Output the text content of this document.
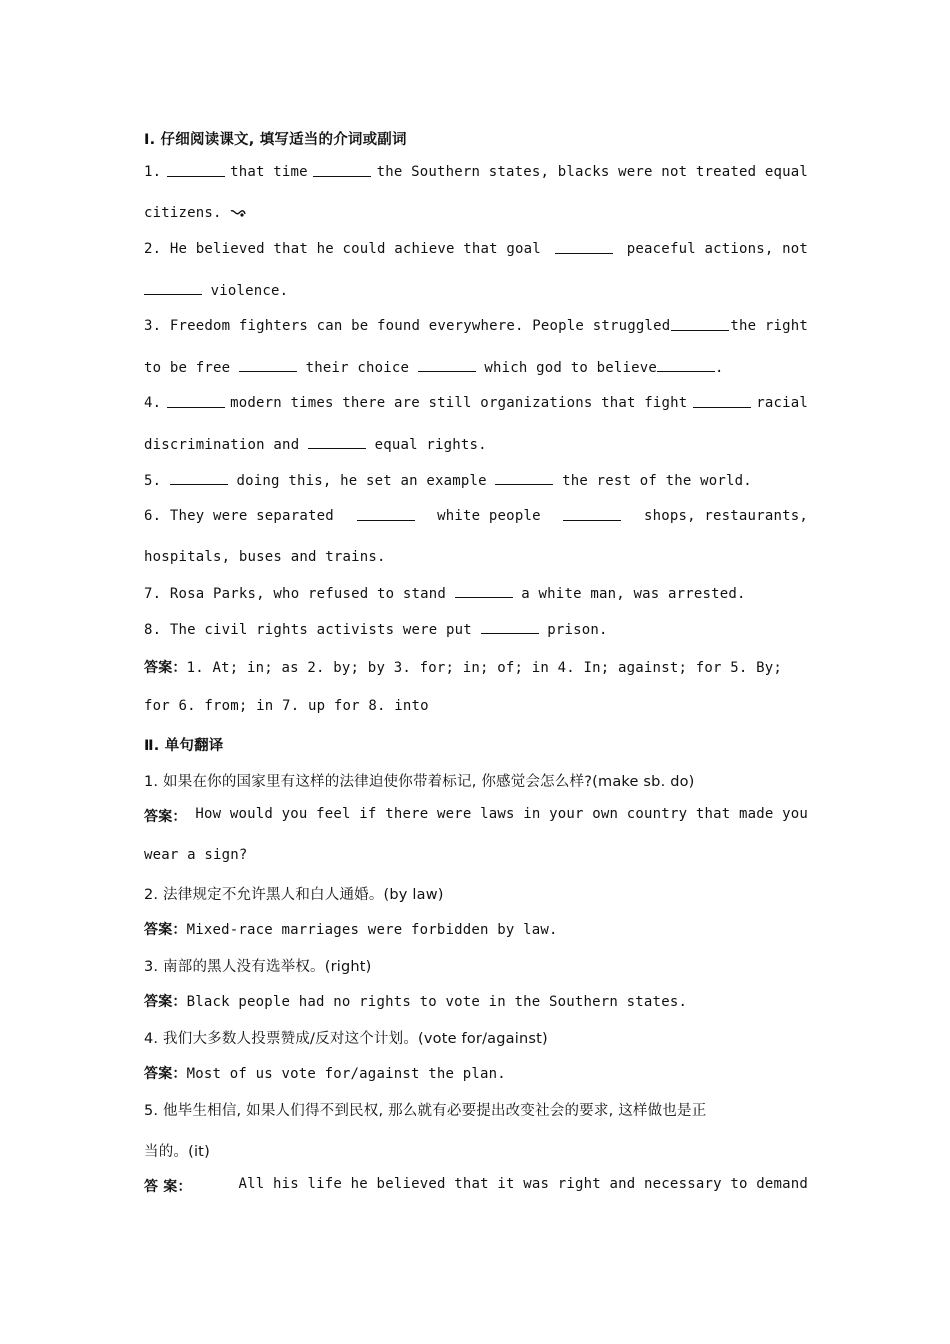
Ⅰ. 仔细阅读课文, 填写适当的介词或副词
1.	that time	the Southern states, blacks were not treated equal
citizens.
2. He believed that he could achieve that goal	peaceful actions, not
violence.
3. Freedom fighters can be found everywhere. People struggled	the right
to be free	their choice	which god to believe	.
4.	modern times there are still organizations that fight	racial
discrimination and	equal rights.
5.	doing this, he set an example	the rest of the world.
6. They were separated	white people	shops, restaurants,
hospitals, buses and trains.
7. Rosa Parks, who refused to stand	a white man, was arrested.
8. The civil rights activists were put	prison.
答案：1. At; in; as 2. by; by 3. for; in; of; in 4. In; against; for 5. By;
for 6. from; in 7. up for 8. into
Ⅱ. 单句翻译
1. 如果在你的国家里有这样的法律迫使你带着标记, 你感觉会怎么样?(make sb. do)
答案： How would you feel if there were laws in your own country that made you
wear a sign?
2. 法律规定不允许黑人和白人通婚。(by law)
答案：Mixed-race marriages were forbidden by law.
3. 南部的黑人没有选举权。(right)
答案：Black people had no rights to vote in the Southern states.
4. 我们大多数人投票赞成/反对这个计划。(vote for/against)
答案：Most of us vote for/against the plan.
5. 他毕生相信, 如果人们得不到民权, 那么就有必要提出改变社会的要求, 这样做也是正
当的。(it)
答 案：	All his life he believed that it was right and necessary to demand
